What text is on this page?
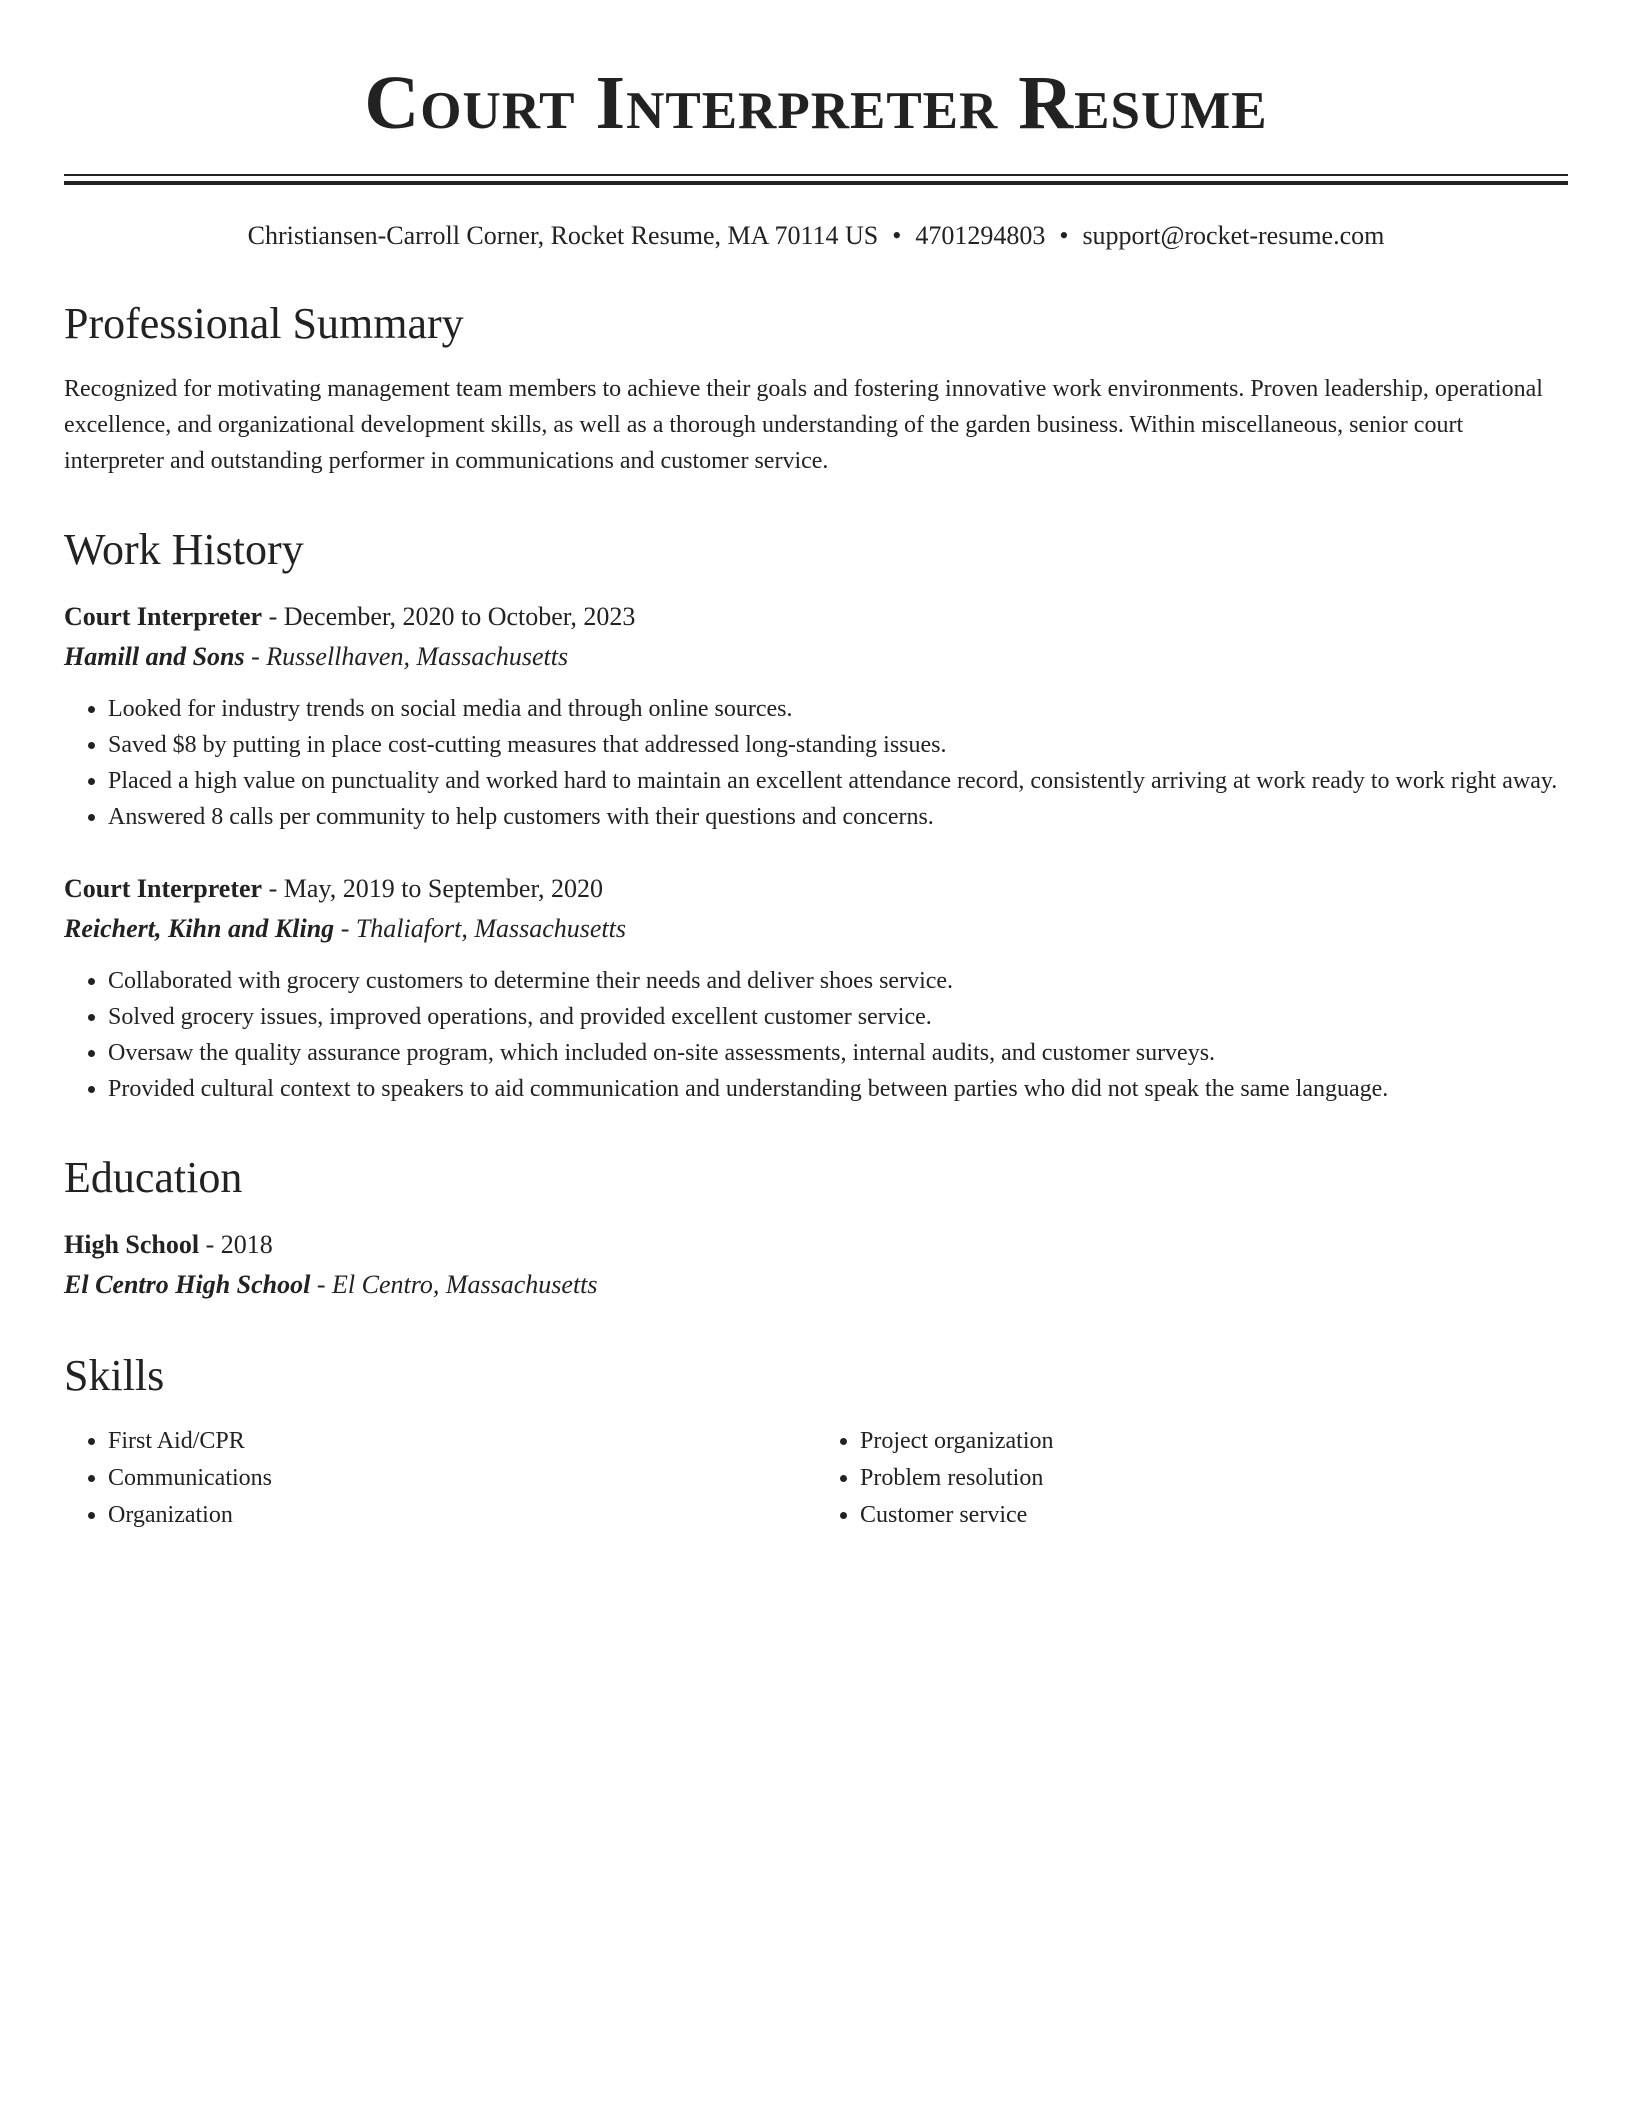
Court Interpreter Resume
Christiansen-Carroll Corner, Rocket Resume, MA 70114 US • 4701294803 • support@rocket-resume.com
Professional Summary

Recognized for motivating management team members to achieve their goals and fostering innovative work environments. Proven leadership, operational excellence, and organizational development skills, as well as a thorough understanding of the garden business. Within miscellaneous, senior court interpreter and outstanding performer in communications and customer service.

Work History
Court Interpreter - December, 2020 to October, 2023
Hamill and Sons - Russellhaven, Massachusetts
• Looked for industry trends on social media and through online sources.
• Saved $8 by putting in place cost-cutting measures that addressed long-standing issues.
• Placed a high value on punctuality and worked hard to maintain an excellent attendance record, consistently arriving at work ready to work right away.
• Answered 8 calls per community to help customers with their questions and concerns.
Court Interpreter - May, 2019 to September, 2020
Reichert, Kihn and Kling - Thaliafort, Massachusetts
• Collaborated with grocery customers to determine their needs and deliver shoes service.
• Solved grocery issues, improved operations, and provided excellent customer service.
• Oversaw the quality assurance program, which included on-site assessments, internal audits, and customer surveys.
• Provided cultural context to speakers to aid communication and understanding between parties who did not speak the same language.
Education
High School - 2018
El Centro High School - El Centro, Massachusetts
Skills
• First Aid/CPR
• Communications
• Organization
• Project organization
• Problem resolution
• Customer service
